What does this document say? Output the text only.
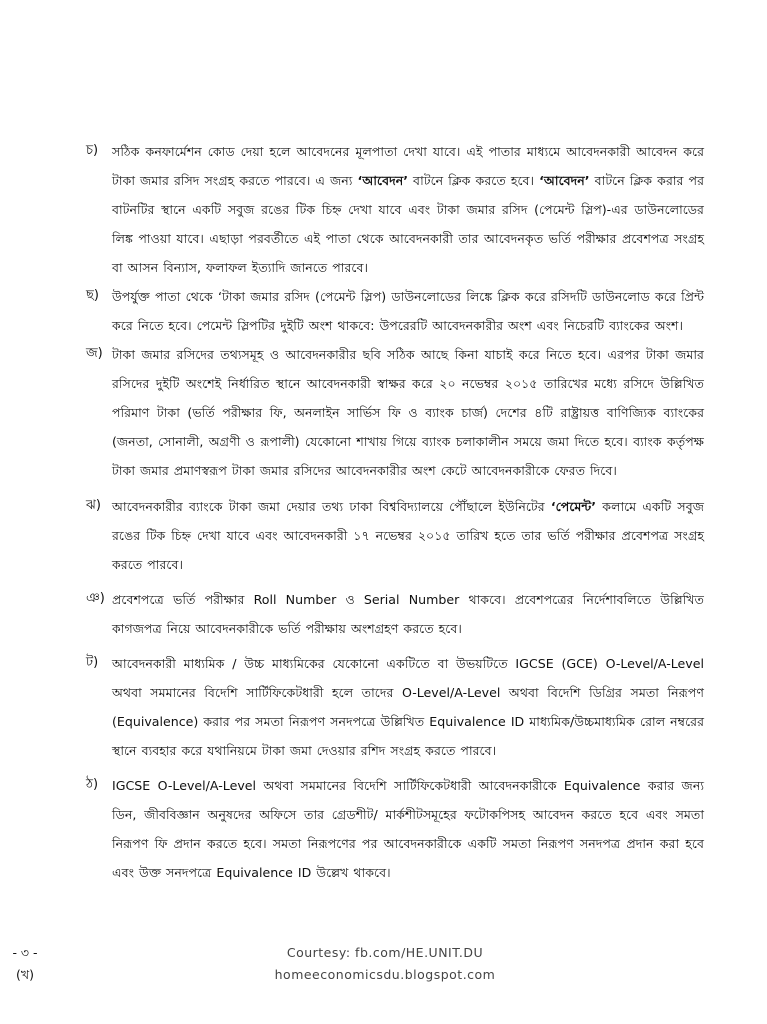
চ) সঠিক কনফার্মেশন কোড দেয়া হলে আবেদনের মূলপাতা দেখা যাবে। এই পাতার মাধ্যমে আবেদনকারী আবেদন করে টাকা জমার রসিদ সংগ্রহ করতে পারবে। এ জন্য ‘আবেদন’ বাটনে ক্লিক করতে হবে। ‘আবেদন’ বাটনে ক্লিক করার পর বাটনটির স্থানে একটি সবুজ রঙের টিক চিহ্ন দেখা যাবে এবং টাকা জমার রসিদ (পেমেন্ট স্লিপ)-এর ডাউনলোডের লিঙ্ক পাওয়া যাবে। এছাড়া পরবর্তীতে এই পাতা থেকে আবেদনকারী তার আবেদনকৃত ভর্তি পরীক্ষার প্রবেশপত্র সংগ্রহ বা আসন বিন্যাস, ফলাফল ইত্যাদি জানতে পারবে।
ছ) উপর্যুক্ত পাতা থেকে ‘টাকা জমার রসিদ (পেমেন্ট স্লিপ) ডাউনলোডের লিঙ্কে ক্লিক করে রসিদটি ডাউনলোড করে প্রিন্ট করে নিতে হবে। পেমেন্ট স্লিপটির দুইটি অংশ থাকবে: উপরেরটি আবেদনকারীর অংশ এবং নিচেরটি ব্যাংকের অংশ।
জ) টাকা জমার রসিদের তথ্যসমূহ ও আবেদনকারীর ছবি সঠিক আছে কিনা যাচাই করে নিতে হবে। এরপর টাকা জমার রসিদের দুইটি অংশেই নির্ধারিত স্থানে আবেদনকারী স্বাক্ষর করে ২০ নভেম্বর ২০১৫ তারিখের মধ্যে রসিদে উল্লিখিত পরিমাণ টাকা (ভর্তি পরীক্ষার ফি, অনলাইন সার্ভিস ফি ও ব্যাংক চার্জ) দেশের ৪টি রাষ্ট্রায়ত্ত বাণিজ্যিক ব্যাংকের (জনতা, সোনালী, অগ্রণী ও রূপালী) যেকোনো শাখায় গিয়ে ব্যাংক চলাকালীন সময়ে জমা দিতে হবে। ব্যাংক কর্তৃপক্ষ টাকা জমার প্রমাণস্বরূপ টাকা জমার রসিদের আবেদনকারীর অংশ কেটে আবেদনকারীকে ফেরত দিবে।
ঝ) আবেদনকারীর ব্যাংকে টাকা জমা দেয়ার তথ্য ঢাকা বিশ্ববিদ্যালয়ে পৌঁছালে ইউনিটের ‘পেমেন্ট’ কলামে একটি সবুজ রঙের টিক চিহ্ন দেখা যাবে এবং আবেদনকারী ১৭ নভেম্বর ২০১৫ তারিখ হতে তার ভর্তি পরীক্ষার প্রবেশপত্র সংগ্রহ করতে পারবে।
ঞ) প্রবেশপত্রে ভর্তি পরীক্ষার Roll Number ও Serial Number থাকবে। প্রবেশপত্রের নির্দেশাবলিতে উল্লিখিত কাগজপত্র নিয়ে আবেদনকারীকে ভর্তি পরীক্ষায় অংশগ্রহণ করতে হবে।
ট) আবেদনকারী মাধ্যমিক / উচ্চ মাধ্যমিকের যেকোনো একটিতে বা উভয়টিতে IGCSE (GCE) O-Level/A-Level অথবা সমমানের বিদেশি সার্টিফিকেটধারী হলে তাদের O-Level/A-Level অথবা বিদেশি ডিগ্রির সমতা নিরূপণ (Equivalence) করার পর সমতা নিরূপণ সনদপত্রে উল্লিখিত Equivalence ID মাধ্যমিক/উচ্চমাধ্যমিক রোল নম্বরের স্থানে ব্যবহার করে যথানিয়মে টাকা জমা দেওয়ার রশিদ সংগ্রহ করতে পারবে।
ঠ) IGCSE O-Level/A-Level অথবা সমমানের বিদেশি সার্টিফিকেটধারী আবেদনকারীকে Equivalence করার জন্য ডিন, জীববিজ্ঞান অনুষদের অফিসে তার গ্রেডশীট/ মার্কশীটসমূহের ফটোকপিসহ আবেদন করতে হবে এবং সমতা নিরূপণ ফি প্রদান করতে হবে। সমতা নিরূপণের পর আবেদনকারীকে একটি সমতা নিরূপণ সনদপত্র প্রদান করা হবে এবং উক্ত সনদপত্রে Equivalence ID উল্লেখ থাকবে।
- ৩ -
(খ)
Courtesy: fb.com/HE.UNIT.DU
homeeconomicsdu.blogspot.com
